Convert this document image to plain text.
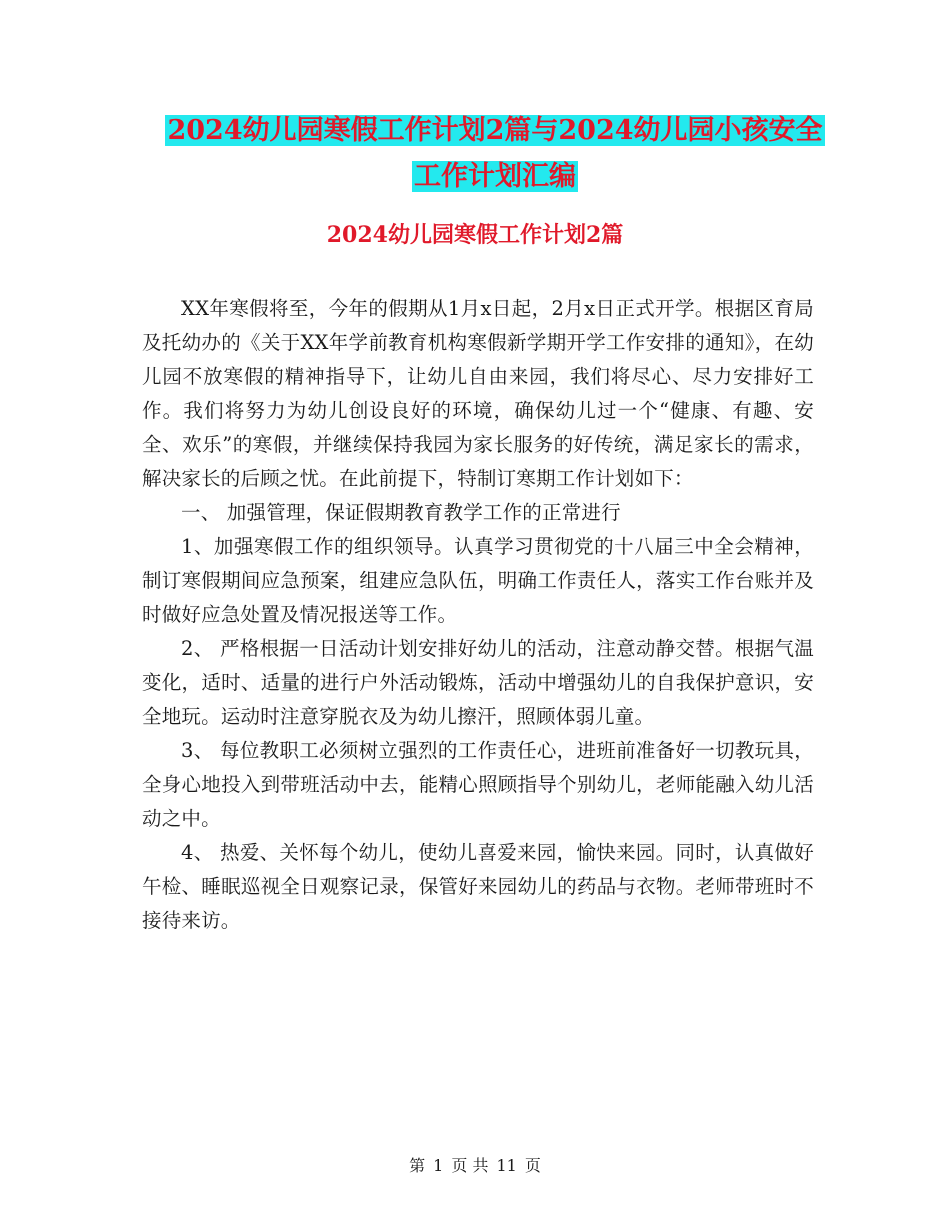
2024幼儿园寒假工作计划2篇与2024幼儿园小孩安全
工作计划汇编
2024幼儿园寒假工作计划2篇

XX年寒假将至，今年的假期从1月x日起，2月x日正式开学。根据区育局及托幼办的《关于XX年学前教育机构寒假新学期开学工作安排的通知》，在幼儿园不放寒假的精神指导下，让幼儿自由来园，我们将尽心、尽力安排好工作。我们将努力为幼儿创设良好的环境，确保幼儿过一个“健康、有趣、安全、欢乐”的寒假，并继续保持我园为家长服务的好传统，满足家长的需求，解决家长的后顾之忧。在此前提下，特制订寒期工作计划如下：

一、 加强管理，保证假期教育教学工作的正常进行

1、加强寒假工作的组织领导。认真学习贯彻党的十八届三中全会精神，制订寒假期间应急预案，组建应急队伍，明确工作责任人，落实工作台账并及时做好应急处置及情况报送等工作。

2、 严格根据一日活动计划安排好幼儿的活动，注意动静交替。根据气温变化，适时、适量的进行户外活动锻炼，活动中增强幼儿的自我保护意识，安全地玩。运动时注意穿脱衣及为幼儿擦汗，照顾体弱儿童。

3、 每位教职工必须树立强烈的工作责任心，进班前准备好一切教玩具，全身心地投入到带班活动中去，能精心照顾指导个别幼儿，老师能融入幼儿活动之中。

4、 热爱、关怀每个幼儿，使幼儿喜爱来园，愉快来园。同时，认真做好午检、睡眠巡视全日观察记录，保管好来园幼儿的药品与衣物。老师带班时不接待来访。

第 1 页 共 11 页
